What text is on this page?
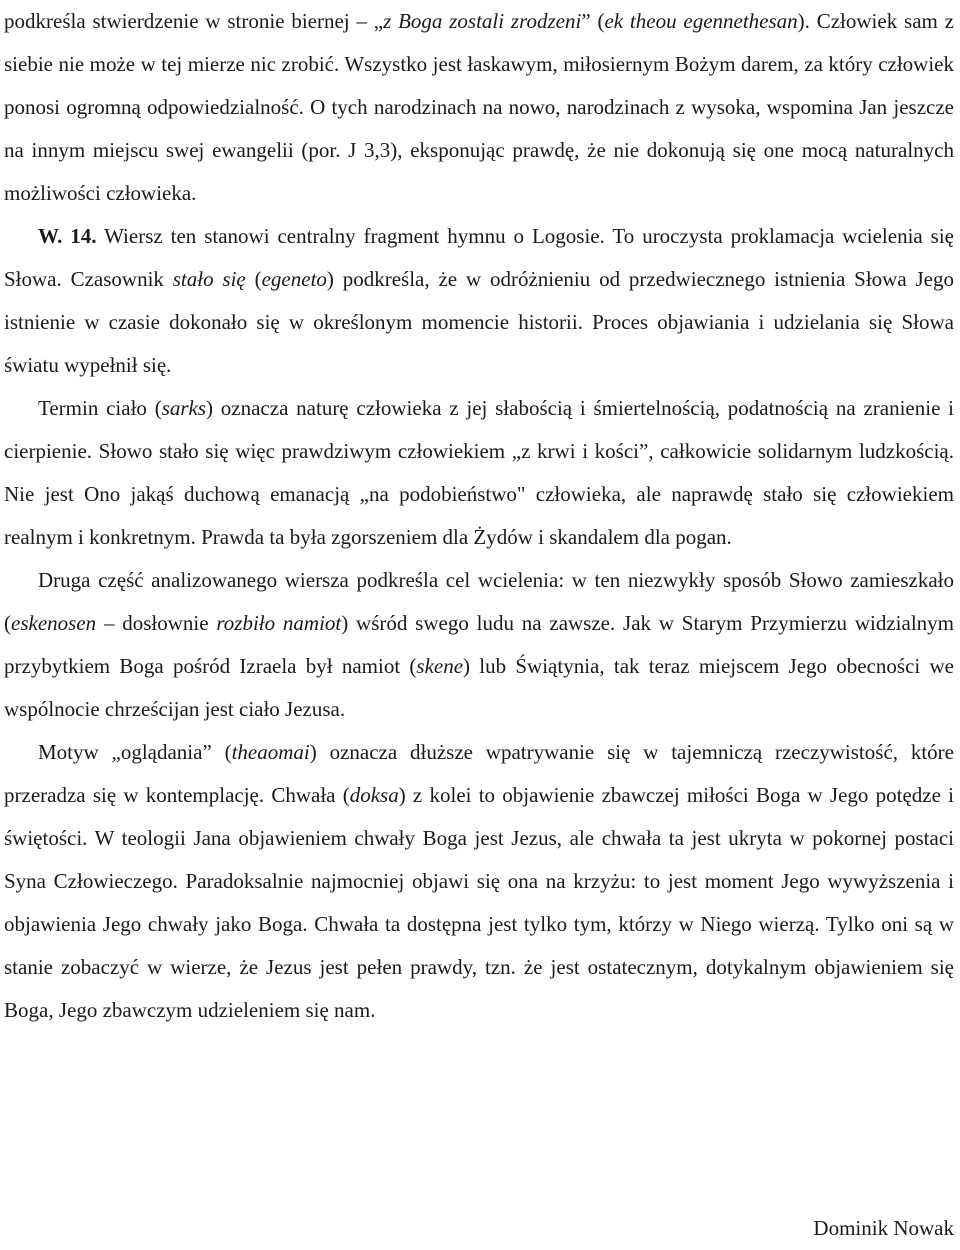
podkreśla stwierdzenie w stronie biernej – „z Boga zostali zrodzeni” (ek theou egennethesan). Człowiek sam z siebie nie może w tej mierze nic zrobić. Wszystko jest łaskawym, miłosiernym Bożym darem, za który człowiek ponosi ogromną odpowiedzialność. O tych narodzinach na nowo, narodzinach z wysoka, wspomina Jan jeszcze na innym miejscu swej ewangelii (por. J 3,3), eksponując prawdę, że nie dokonują się one mocą naturalnych możliwości człowieka.

W. 14. Wiersz ten stanowi centralny fragment hymnu o Logosie. To uroczysta proklamacja wcielenia się Słowa. Czasownik stało się (egeneto) podkreśla, że w odróżnieniu od przedwiecznego istnienia Słowa Jego istnienie w czasie dokonało się w określonym momencie historii. Proces objawiania i udzielania się Słowa światu wypełnił się.

Termin ciało (sarks) oznacza naturę człowieka z jej słabością i śmiertelnością, podatnością na zranienie i cierpienie. Słowo stało się więc prawdziwym człowiekiem „z krwi i kości”, całkowicie solidarnym ludzkością. Nie jest Ono jakąś duchową emanacją „na podobieństwo" człowieka, ale naprawdę stało się człowiekiem realnym i konkretnym. Prawda ta była zgorszeniem dla Żydów i skandalem dla pogan.

Druga część analizowanego wiersza podkreśla cel wcielenia: w ten niezwykły sposób Słowo zamieszkało (eskenosen – dosłownie rozbiło namiot) wśród swego ludu na zawsze. Jak w Starym Przymierzu widzialnym przybytkiem Boga pośród Izraela był namiot (skene) lub Świątynia, tak teraz miejscem Jego obecności we wspólnocie chrześcijan jest ciało Jezusa.

Motyw „oglądania” (theaomai) oznacza dłuższe wpatrywanie się w tajemniczą rzeczywistość, które przeradza się w kontemplację. Chwała (doksa) z kolei to objawienie zbawczej miłości Boga w Jego potędze i świętości. W teologii Jana objawieniem chwały Boga jest Jezus, ale chwała ta jest ukryta w pokornej postaci Syna Człowieczego. Paradoksalnie najmocniej objawi się ona na krzyżu: to jest moment Jego wywyższenia i objawienia Jego chwały jako Boga. Chwała ta dostępna jest tylko tym, którzy w Niego wierzą. Tylko oni są w stanie zobaczyć w wierze, że Jezus jest pełen prawdy, tzn. że jest ostatecznym, dotykalnym objawieniem się Boga, Jego zbawczym udzieleniem się nam.

Dominik Nowak
